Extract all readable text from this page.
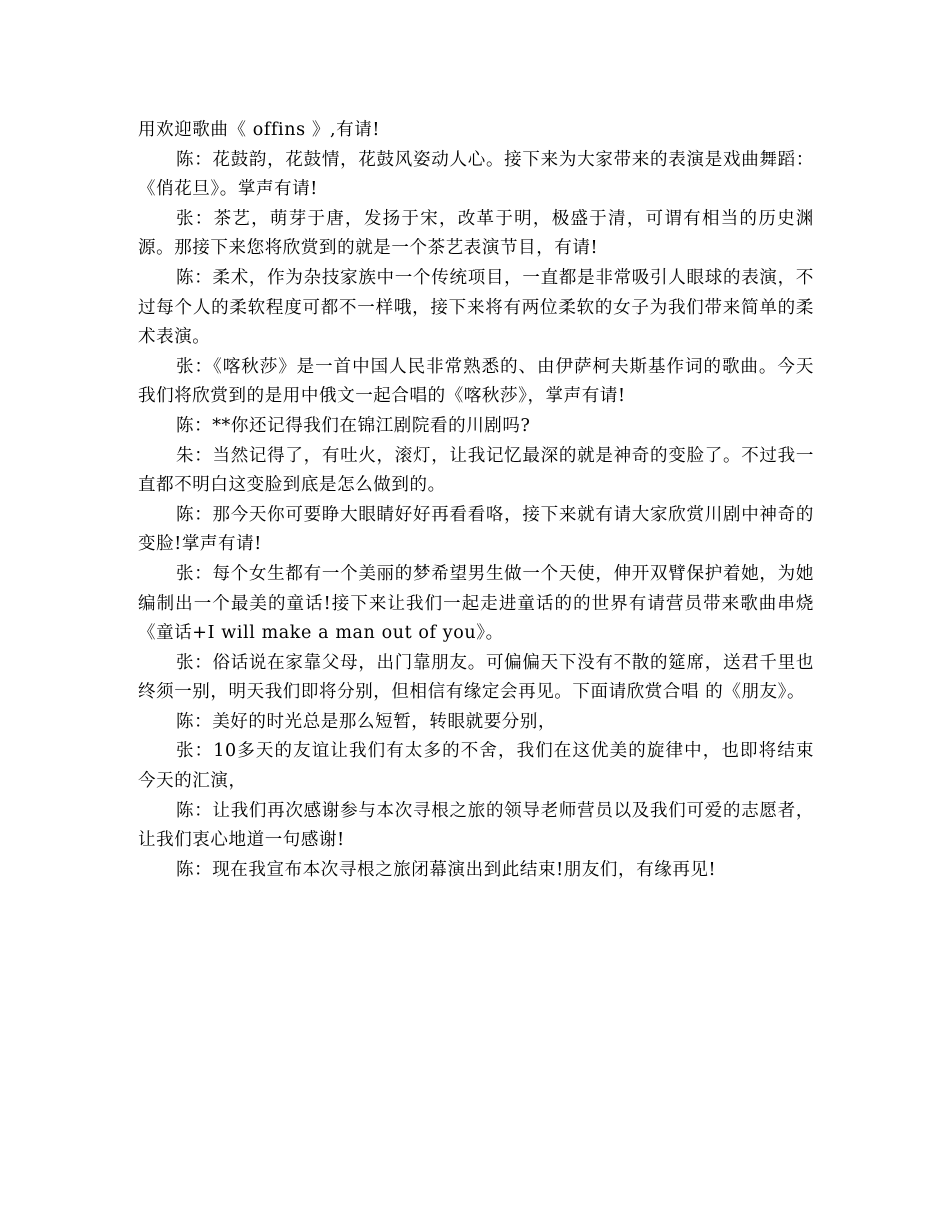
用欢迎歌曲《 offins 》,有请!

陈：花鼓韵，花鼓情，花鼓风姿动人心。接下来为大家带来的表演是戏曲舞蹈：《俏花旦》。掌声有请!

张：茶艺，萌芽于唐，发扬于宋，改革于明，极盛于清，可谓有相当的历史渊源。那接下来您将欣赏到的就是一个茶艺表演节目，有请!

陈：柔术，作为杂技家族中一个传统项目，一直都是非常吸引人眼球的表演，不过每个人的柔软程度可都不一样哦，接下来将有两位柔软的女子为我们带来简单的柔术表演。

张：《喀秋莎》是一首中国人民非常熟悉的、由伊萨柯夫斯基作词的歌曲。今天我们将欣赏到的是用中俄文一起合唱的《喀秋莎》，掌声有请!

陈：**你还记得我们在锦江剧院看的川剧吗?

朱：当然记得了，有吐火，滚灯，让我记忆最深的就是神奇的变脸了。不过我一直都不明白这变脸到底是怎么做到的。

陈：那今天你可要睁大眼睛好好再看看咯，接下来就有请大家欣赏川剧中神奇的变脸!掌声有请!

张：每个女生都有一个美丽的梦希望男生做一个天使，伸开双臂保护着她，为她编制出一个最美的童话!接下来让我们一起走进童话的的世界有请营员带来歌曲串烧《童话+I will make a man out of you》。

张：俗话说在家靠父母，出门靠朋友。可偏偏天下没有不散的筵席，送君千里也终须一别，明天我们即将分别，但相信有缘定会再见。下面请欣赏合唱 的《朋友》。

陈：美好的时光总是那么短暂，转眼就要分别，

张：10多天的友谊让我们有太多的不舍，我们在这优美的旋律中，也即将结束今天的汇演，

陈：让我们再次感谢参与本次寻根之旅的领导老师营员以及我们可爱的志愿者，让我们衷心地道一句感谢!

陈：现在我宣布本次寻根之旅闭幕演出到此结束!朋友们，有缘再见!
